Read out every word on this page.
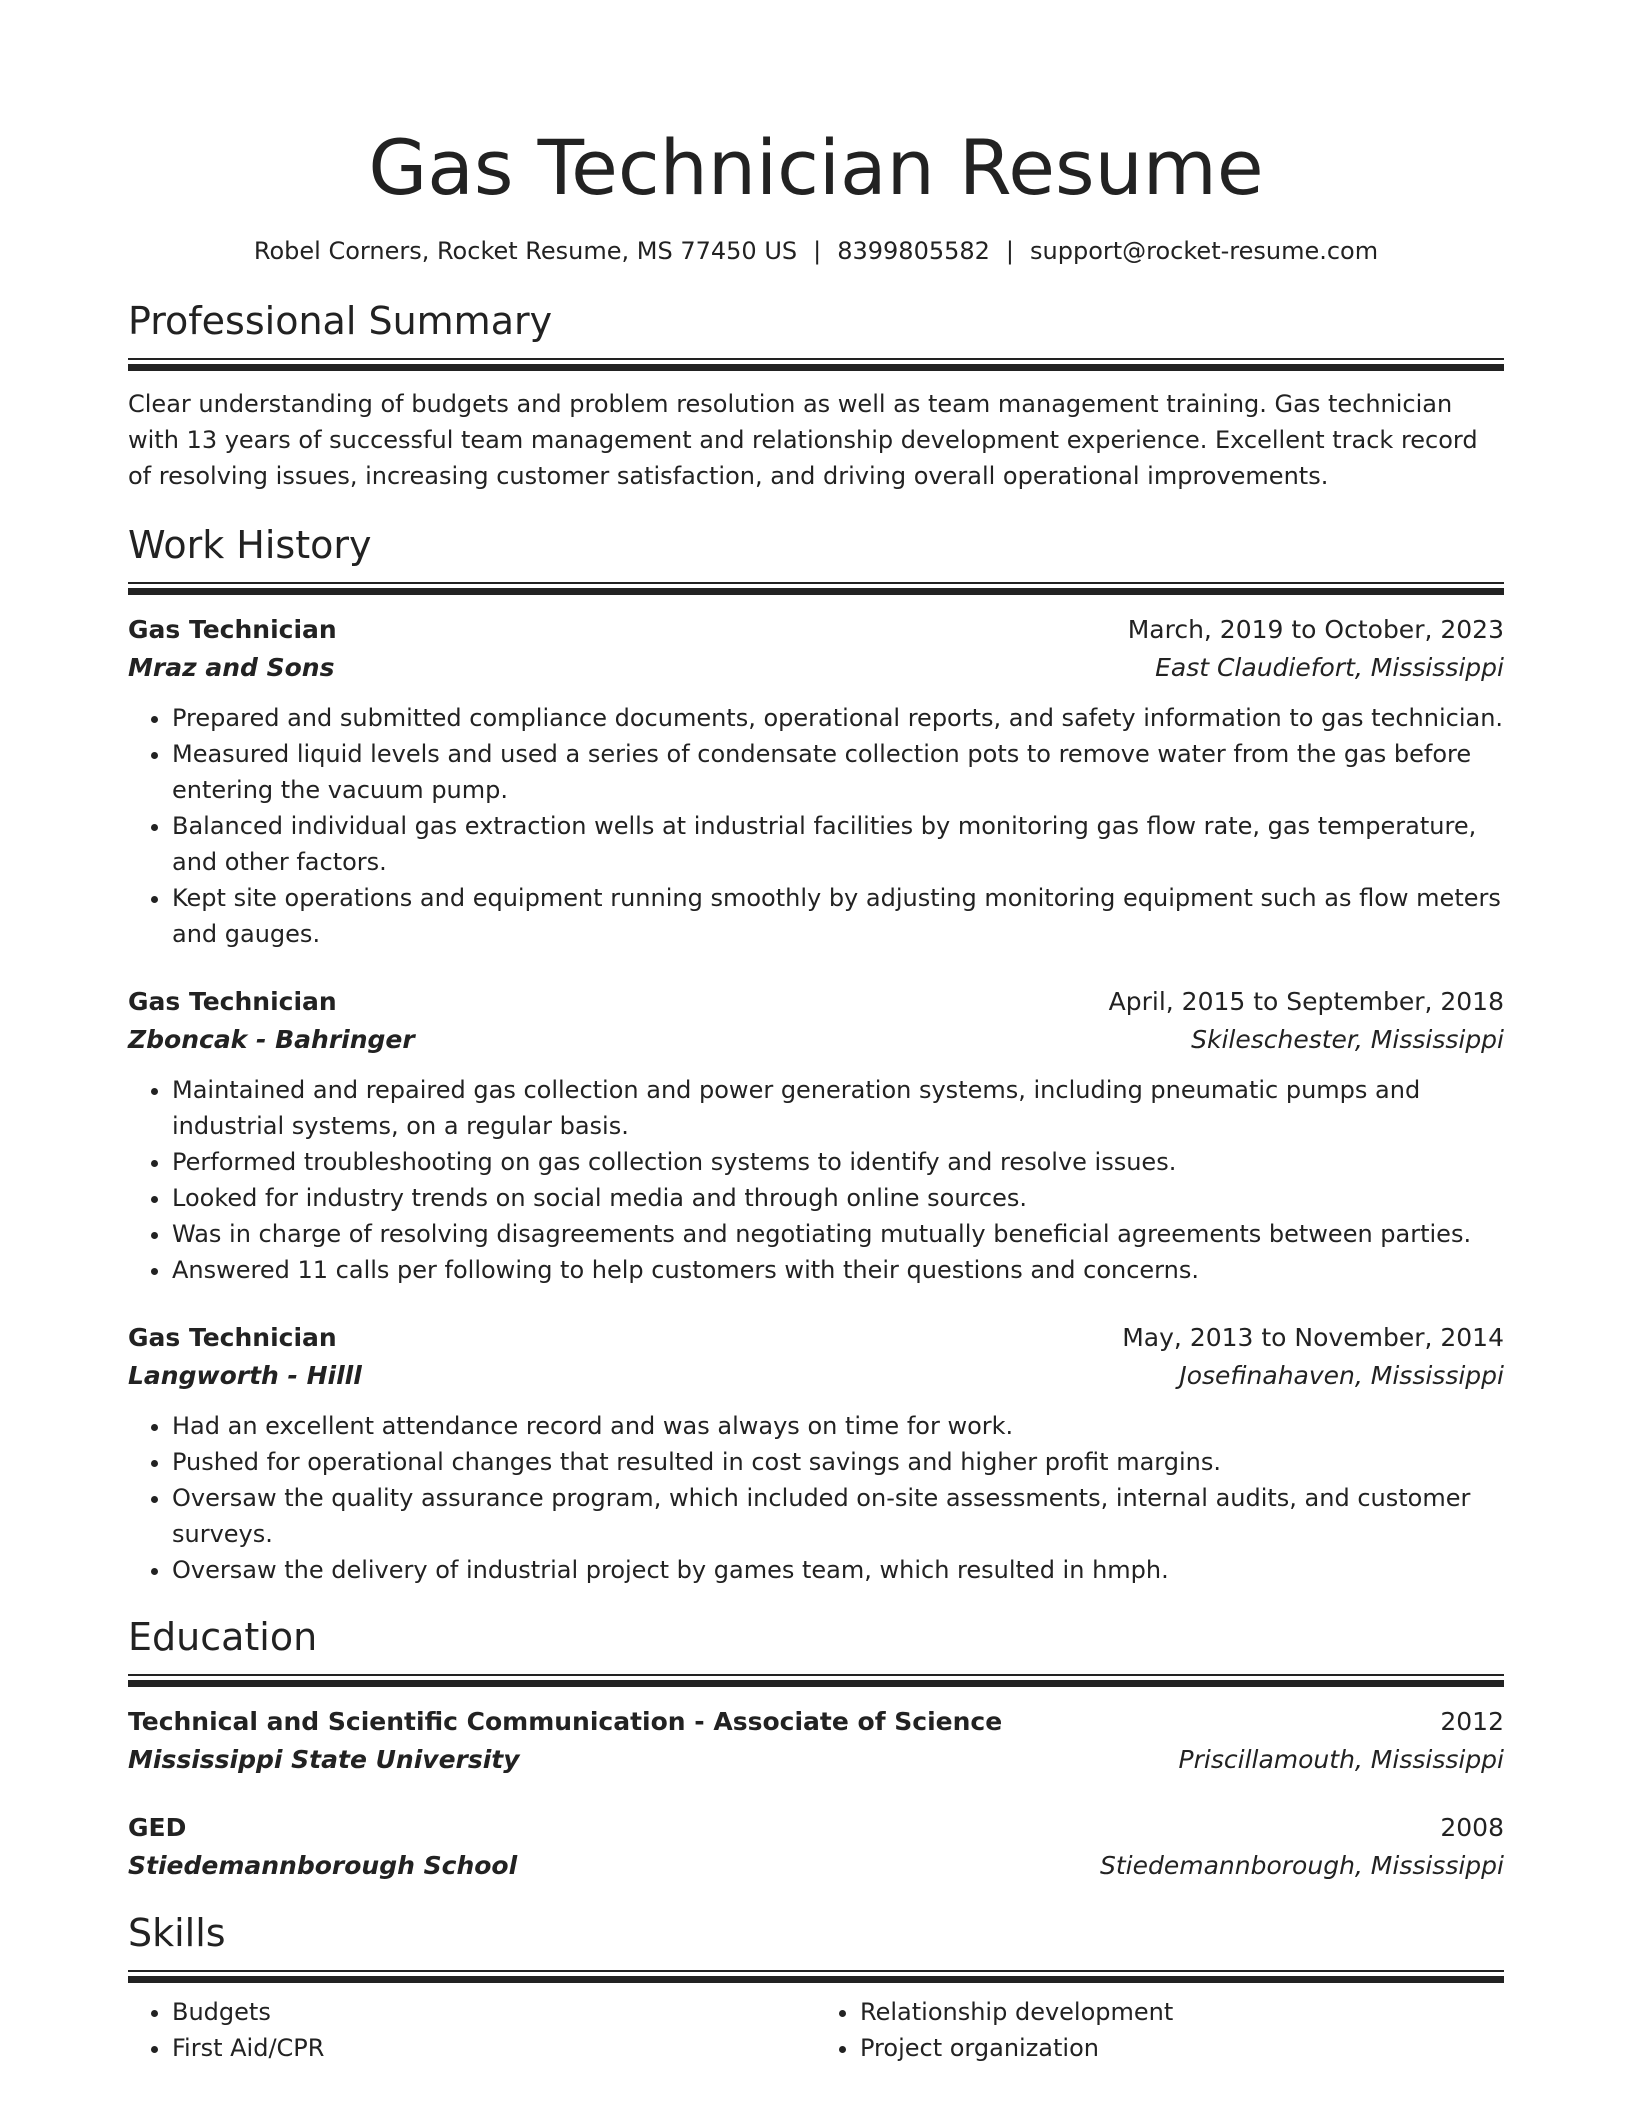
Gas Technician Resume
Robel Corners, Rocket Resume, MS 77450 US | 8399805582 | support@rocket-resume.com
Professional Summary
Clear understanding of budgets and problem resolution as well as team management training. Gas technician with 13 years of successful team management and relationship development experience. Excellent track record of resolving issues, increasing customer satisfaction, and driving overall operational improvements.
Work History
Gas Technician	March, 2019 to October, 2023
Mraz and Sons	East Claudiefort, Mississippi
• Prepared and submitted compliance documents, operational reports, and safety information to gas technician.
• Measured liquid levels and used a series of condensate collection pots to remove water from the gas before entering the vacuum pump.
• Balanced individual gas extraction wells at industrial facilities by monitoring gas flow rate, gas temperature, and other factors.
• Kept site operations and equipment running smoothly by adjusting monitoring equipment such as flow meters and gauges.
Gas Technician	April, 2015 to September, 2018
Zboncak - Bahringer	Skileschester, Mississippi
• Maintained and repaired gas collection and power generation systems, including pneumatic pumps and industrial systems, on a regular basis.
• Performed troubleshooting on gas collection systems to identify and resolve issues.
• Looked for industry trends on social media and through online sources.
• Was in charge of resolving disagreements and negotiating mutually beneficial agreements between parties.
• Answered 11 calls per following to help customers with their questions and concerns.
Gas Technician	May, 2013 to November, 2014
Langworth - Hilll	Josefinahaven, Mississippi
• Had an excellent attendance record and was always on time for work.
• Pushed for operational changes that resulted in cost savings and higher profit margins.
• Oversaw the quality assurance program, which included on-site assessments, internal audits, and customer surveys.
• Oversaw the delivery of industrial project by games team, which resulted in hmph.
Education
Technical and Scientific Communication - Associate of Science	2012
Mississippi State University	Priscillamouth, Mississippi
GED	2008
Stiedemannborough School	Stiedemannborough, Mississippi
Skills
• Budgets
• First Aid/CPR
• Relationship development
• Project organization
